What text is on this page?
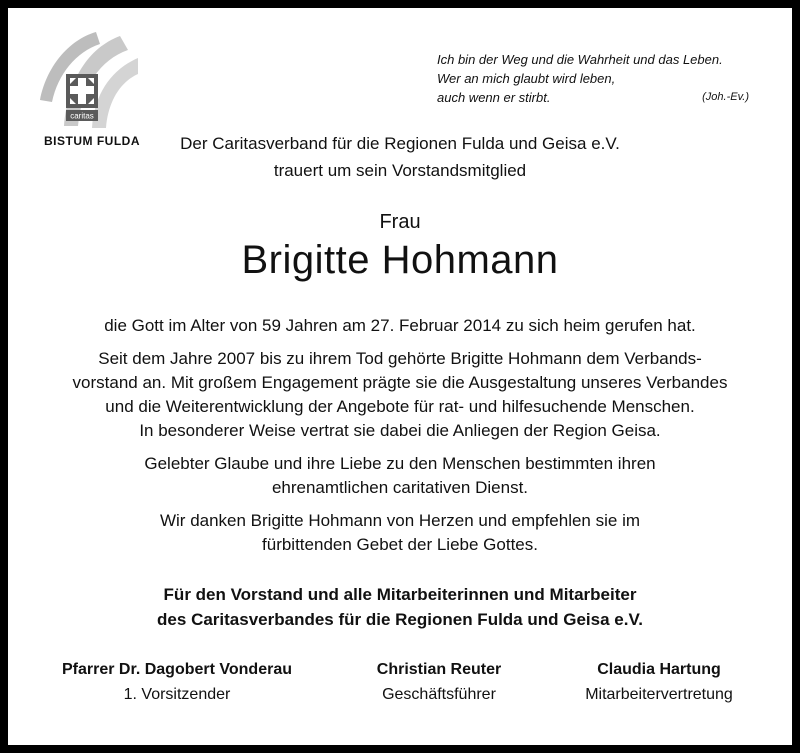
caritas
BISTUM FULDA
Ich bin der Weg und die Wahrheit und das Leben.
Wer an mich glaubt wird leben,
auch wenn er stirbt.	(Joh.-Ev.)
Der Caritasverband für die Regionen Fulda und Geisa e.V.
trauert um sein Vorstandsmitglied
Frau
Brigitte Hohmann

die Gott im Alter von 59 Jahren am 27. Februar 2014 zu sich heim gerufen hat.

Seit dem Jahre 2007 bis zu ihrem Tod gehörte Brigitte Hohmann dem Verbands-
vorstand an. Mit großem Engagement prägte sie die Ausgestaltung unseres Verbandes
und die Weiterentwicklung der Angebote für rat- und hilfesuchende Menschen.
In besonderer Weise vertrat sie dabei die Anliegen der Region Geisa.

Gelebter Glaube und ihre Liebe zu den Menschen bestimmten ihren
ehrenamtlichen caritativen Dienst.

Wir danken Brigitte Hohmann von Herzen und empfehlen sie im
fürbittenden Gebet der Liebe Gottes.

Für den Vorstand und alle Mitarbeiterinnen und Mitarbeiter
des Caritasverbandes für die Regionen Fulda und Geisa e.V.
Pfarrer Dr. Dagobert Vonderau
1. Vorsitzender
Christian Reuter
Geschäftsführer
Claudia Hartung
Mitarbeitervertretung
